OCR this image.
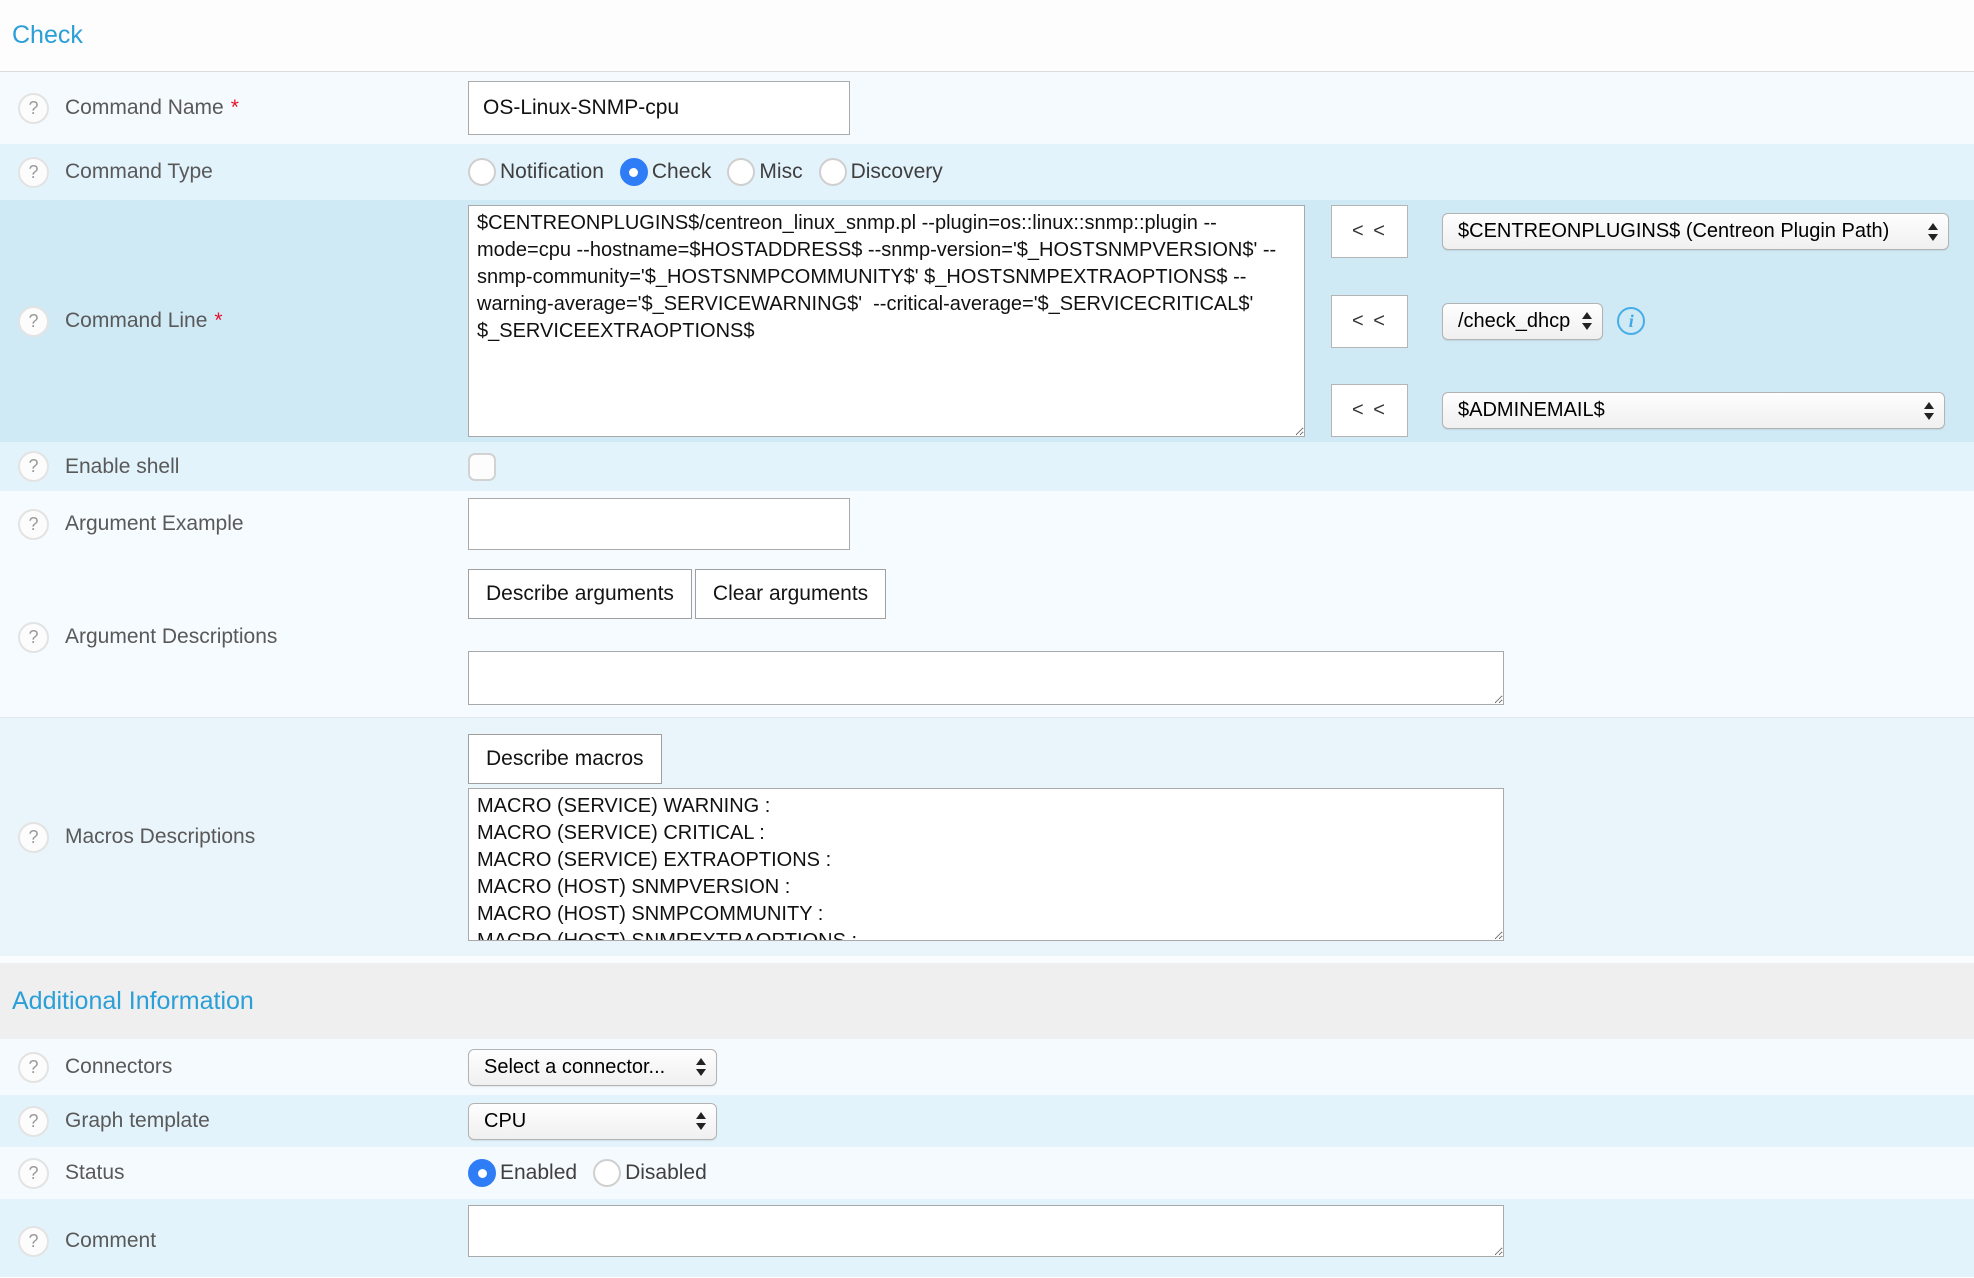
Check
?	Command Name *
OS-Linux-SNMP-cpu
?	Command Type	Notification Check Misc Discovery
?	Command Line *
$CENTREONPLUGINS$/centreon_linux_snmp.pl --plugin=os::linux::snmp::plugin --mode=cpu --hostname=$HOSTADDRESS$ --snmp-version='$_HOSTSNMPVERSION$' --snmp-community='$_HOSTSNMPCOMMUNITY$' $_HOSTSNMPEXTRAOPTIONS$ --warning-average='$_SERVICEWARNING$' --critical-average='$_SERVICECRITICAL$' $_SERVICEEXTRAOPTIONS$
< <	$CENTREONPLUGINS$ (Centreon Plugin Path)
< <	/check_dhcp	i
< <	$ADMINEMAIL$
?	Enable shell
?	Argument Example
?	Argument Descriptions
Describe arguments	Clear arguments
?	Macros Descriptions
Describe macros
MACRO (SERVICE) WARNING : MACRO (SERVICE) CRITICAL : MACRO (SERVICE) EXTRAOPTIONS : MACRO (HOST) SNMPVERSION : MACRO (HOST) SNMPCOMMUNITY : MACRO (HOST) SNMPEXTRAOPTIONS :
Additional Information
?	Connectors	Select a connector...
?	Graph template	CPU
?	Status	Enabled Disabled
?	Comment
